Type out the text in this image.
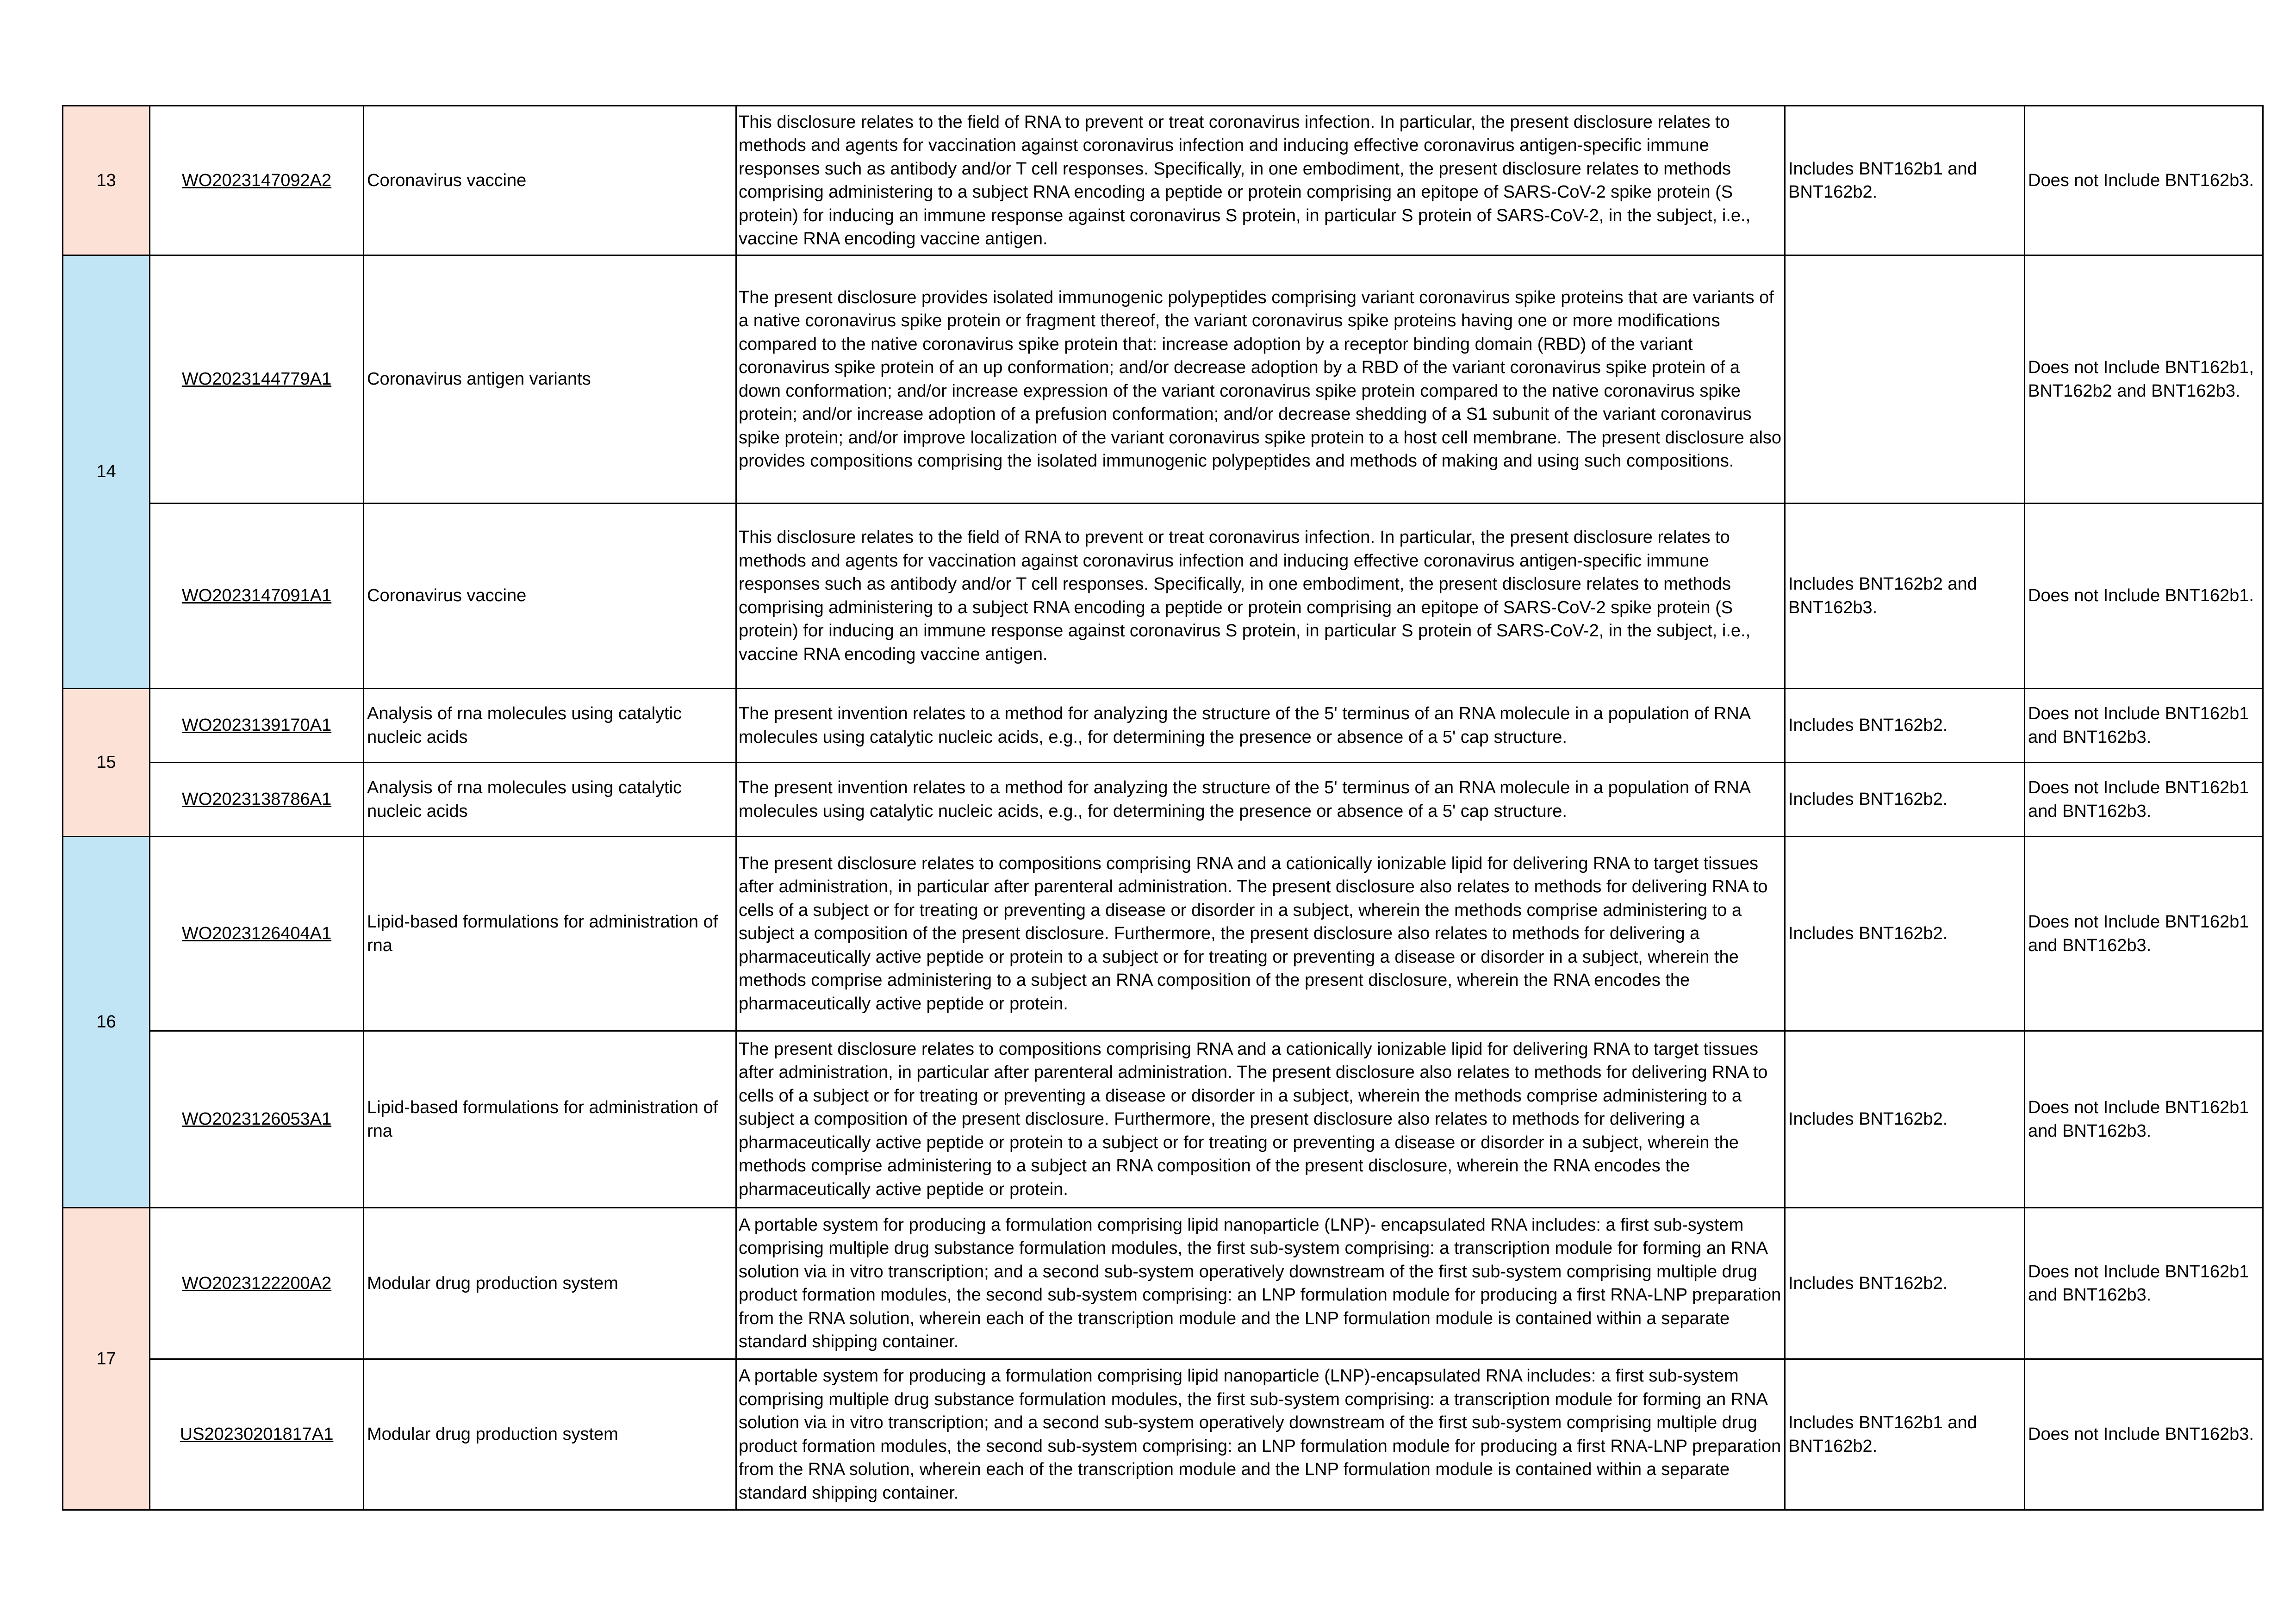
13	WO2023147092A2	Coronavirus vaccine	This disclosure relates to the field of RNA to prevent or treat coronavirus infection. In particular, the present disclosure relates to methods and agents for vaccination against coronavirus infection and inducing effective coronavirus antigen-specific immune responses such as antibody and/or T cell responses. Specifically, in one embodiment, the present disclosure relates to methods comprising administering to a subject RNA encoding a peptide or protein comprising an epitope of SARS-CoV-2 spike protein (S protein) for inducing an immune response against coronavirus S protein, in particular S protein of SARS-CoV-2, in the subject, i.e., vaccine RNA encoding vaccine antigen.	Includes BNT162b1 and BNT162b2.	Does not Include BNT162b3.
14	WO2023144779A1	Coronavirus antigen variants	The present disclosure provides isolated immunogenic polypeptides comprising variant coronavirus spike proteins that are variants of a native coronavirus spike protein or fragment thereof, the variant coronavirus spike proteins having one or more modifications compared to the native coronavirus spike protein that: increase adoption by a receptor binding domain (RBD) of the variant coronavirus spike protein of an up conformation; and/or decrease adoption by a RBD of the variant coronavirus spike protein of a down conformation; and/or increase expression of the variant coronavirus spike protein compared to the native coronavirus spike protein; and/or increase adoption of a prefusion conformation; and/or decrease shedding of a S1 subunit of the variant coronavirus spike protein; and/or improve localization of the variant coronavirus spike protein to a host cell membrane. The present disclosure also provides compositions comprising the isolated immunogenic polypeptides and methods of making and using such compositions.		Does not Include BNT162b1, BNT162b2 and BNT162b3.
	WO2023147091A1	Coronavirus vaccine	This disclosure relates to the field of RNA to prevent or treat coronavirus infection. In particular, the present disclosure relates to methods and agents for vaccination against coronavirus infection and inducing effective coronavirus antigen-specific immune responses such as antibody and/or T cell responses. Specifically, in one embodiment, the present disclosure relates to methods comprising administering to a subject RNA encoding a peptide or protein comprising an epitope of SARS-CoV-2 spike protein (S protein) for inducing an immune response against coronavirus S protein, in particular S protein of SARS-CoV-2, in the subject, i.e., vaccine RNA encoding vaccine antigen.	Includes BNT162b2 and BNT162b3.	Does not Include BNT162b1.
15	WO2023139170A1	Analysis of rna molecules using catalytic nucleic acids	The present invention relates to a method for analyzing the structure of the 5' terminus of an RNA molecule in a population of RNA molecules using catalytic nucleic acids, e.g., for determining the presence or absence of a 5' cap structure.	Includes BNT162b2.	Does not Include BNT162b1 and BNT162b3.
	WO2023138786A1	Analysis of rna molecules using catalytic nucleic acids	The present invention relates to a method for analyzing the structure of the 5' terminus of an RNA molecule in a population of RNA molecules using catalytic nucleic acids, e.g., for determining the presence or absence of a 5' cap structure.	Includes BNT162b2.	Does not Include BNT162b1 and BNT162b3.
16	WO2023126404A1	Lipid-based formulations for administration of rna	The present disclosure relates to compositions comprising RNA and a cationically ionizable lipid for delivering RNA to target tissues after administration, in particular after parenteral administration. The present disclosure also relates to methods for delivering RNA to cells of a subject or for treating or preventing a disease or disorder in a subject, wherein the methods comprise administering to a subject a composition of the present disclosure. Furthermore, the present disclosure also relates to methods for delivering a pharmaceutically active peptide or protein to a subject or for treating or preventing a disease or disorder in a subject, wherein the methods comprise administering to a subject an RNA composition of the present disclosure, wherein the RNA encodes the pharmaceutically active peptide or protein.	Includes BNT162b2.	Does not Include BNT162b1 and BNT162b3.
	WO2023126053A1	Lipid-based formulations for administration of rna	The present disclosure relates to compositions comprising RNA and a cationically ionizable lipid for delivering RNA to target tissues after administration, in particular after parenteral administration. The present disclosure also relates to methods for delivering RNA to cells of a subject or for treating or preventing a disease or disorder in a subject, wherein the methods comprise administering to a subject a composition of the present disclosure. Furthermore, the present disclosure also relates to methods for delivering a pharmaceutically active peptide or protein to a subject or for treating or preventing a disease or disorder in a subject, wherein the methods comprise administering to a subject an RNA composition of the present disclosure, wherein the RNA encodes the pharmaceutically active peptide or protein.	Includes BNT162b2.	Does not Include BNT162b1 and BNT162b3.
17	WO2023122200A2	Modular drug production system	A portable system for producing a formulation comprising lipid nanoparticle (LNP)- encapsulated RNA includes: a first sub-system comprising multiple drug substance formulation modules, the first sub-system comprising: a transcription module for forming an RNA solution via in vitro transcription; and a second sub-system operatively downstream of the first sub-system comprising multiple drug product formation modules, the second sub-system comprising: an LNP formulation module for producing a first RNA-LNP preparation from the RNA solution, wherein each of the transcription module and the LNP formulation module is contained within a separate standard shipping container.	Includes BNT162b2.	Does not Include BNT162b1 and BNT162b3.
	US20230201817A1	Modular drug production system	A portable system for producing a formulation comprising lipid nanoparticle (LNP)-encapsulated RNA includes: a first sub-system comprising multiple drug substance formulation modules, the first sub-system comprising: a transcription module for forming an RNA solution via in vitro transcription; and a second sub-system operatively downstream of the first sub-system comprising multiple drug product formation modules, the second sub-system comprising: an LNP formulation module for producing a first RNA-LNP preparation from the RNA solution, wherein each of the transcription module and the LNP formulation module is contained within a separate standard shipping container.	Includes BNT162b1 and BNT162b2.	Does not Include BNT162b3.
